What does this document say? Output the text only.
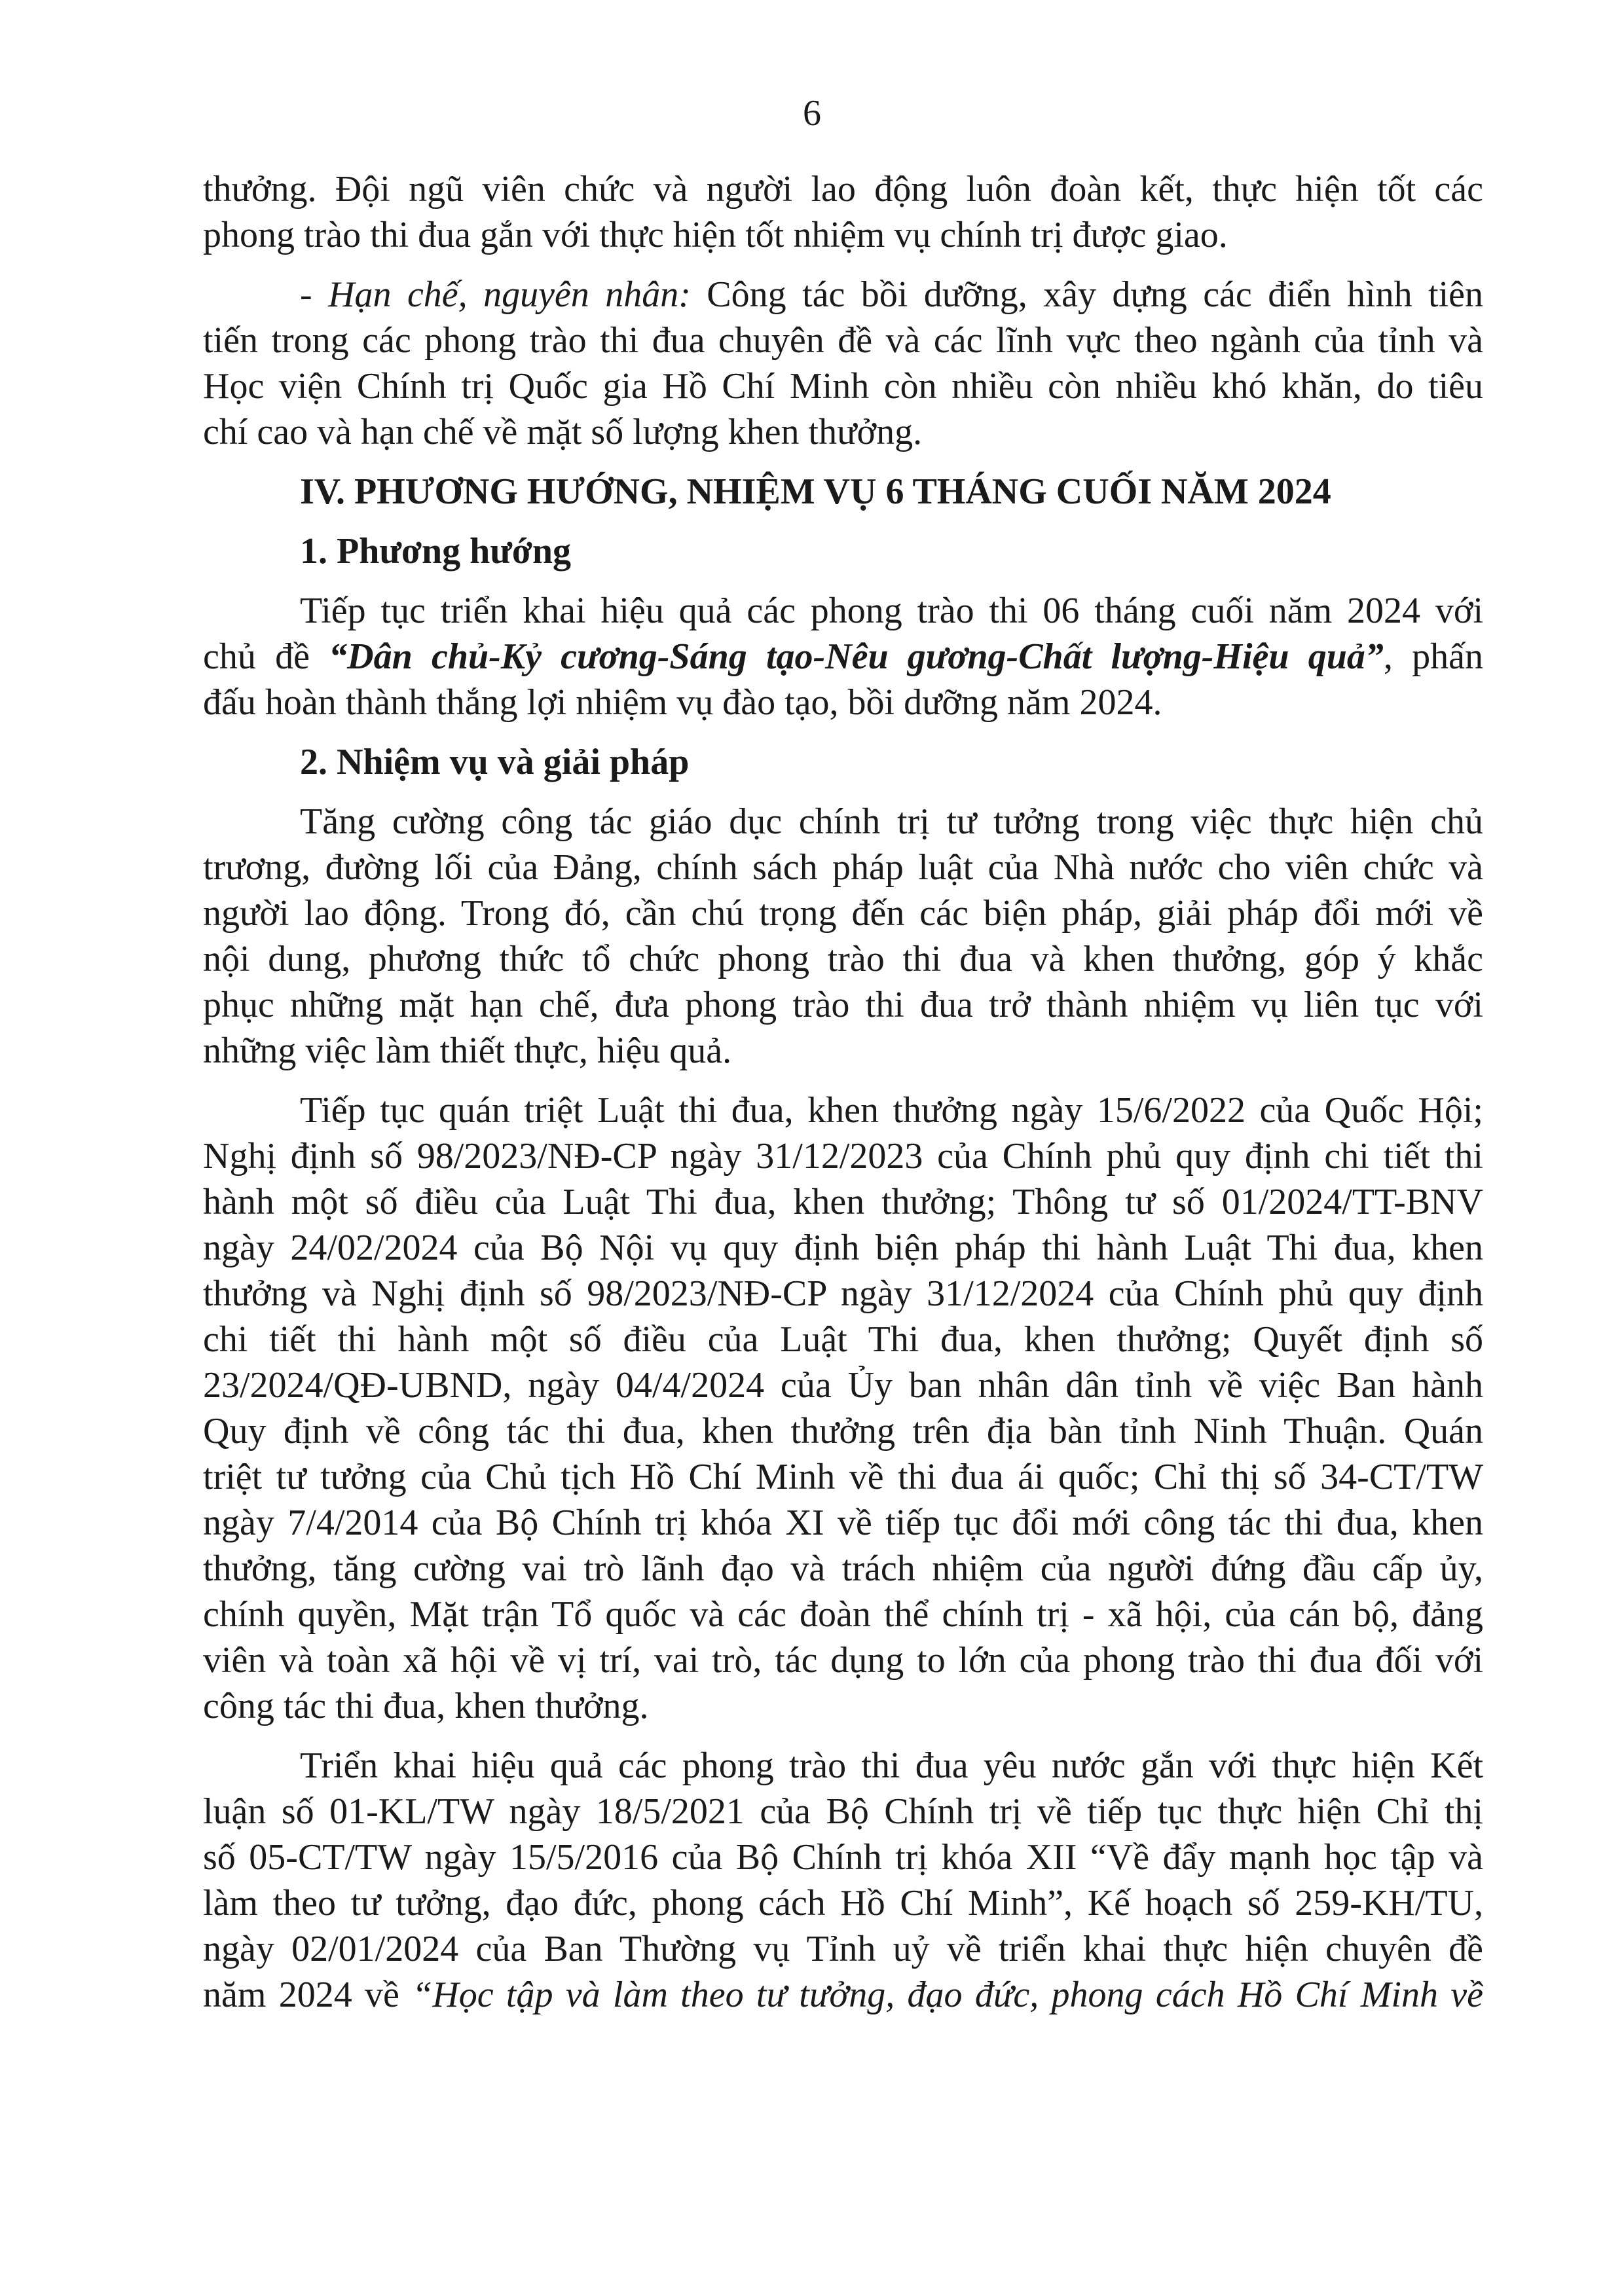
6
thưởng. Đội ngũ viên chức và người lao động luôn đoàn kết, thực hiện tốt các
phong trào thi đua gắn với thực hiện tốt nhiệm vụ chính trị được giao.
- Hạn chế, nguyên nhân: Công tác bồi dưỡng, xây dựng các điển hình tiên
tiến trong các phong trào thi đua chuyên đề và các lĩnh vực theo ngành của tỉnh và
Học viện Chính trị Quốc gia Hồ Chí Minh còn nhiều còn nhiều khó khăn, do tiêu
chí cao và hạn chế về mặt số lượng khen thưởng.
IV. PHƯƠNG HƯỚNG, NHIỆM VỤ 6 THÁNG CUỐI NĂM 2024
1. Phương hướng
Tiếp tục triển khai hiệu quả các phong trào thi 06 tháng cuối năm 2024 với
chủ đề “Dân chủ-Kỷ cương-Sáng tạo-Nêu gương-Chất lượng-Hiệu quả”, phấn
đấu hoàn thành thắng lợi nhiệm vụ đào tạo, bồi dưỡng năm 2024.
2. Nhiệm vụ và giải pháp
Tăng cường công tác giáo dục chính trị tư tưởng trong việc thực hiện chủ
trương, đường lối của Đảng, chính sách pháp luật của Nhà nước cho viên chức và
người lao động. Trong đó, cần chú trọng đến các biện pháp, giải pháp đổi mới về
nội dung, phương thức tổ chức phong trào thi đua và khen thưởng, góp ý khắc
phục những mặt hạn chế, đưa phong trào thi đua trở thành nhiệm vụ liên tục với
những việc làm thiết thực, hiệu quả.
Tiếp tục quán triệt Luật thi đua, khen thưởng ngày 15/6/2022 của Quốc Hội;
Nghị định số 98/2023/NĐ-CP ngày 31/12/2023 của Chính phủ quy định chi tiết thi
hành một số điều của Luật Thi đua, khen thưởng; Thông tư số 01/2024/TT-BNV
ngày 24/02/2024 của Bộ Nội vụ quy định biện pháp thi hành Luật Thi đua, khen
thưởng và Nghị định số 98/2023/NĐ-CP ngày 31/12/2024 của Chính phủ quy định
chi tiết thi hành một số điều của Luật Thi đua, khen thưởng; Quyết định số
23/2024/QĐ-UBND, ngày 04/4/2024 của Ủy ban nhân dân tỉnh về việc Ban hành
Quy định về công tác thi đua, khen thưởng trên địa bàn tỉnh Ninh Thuận. Quán
triệt tư tưởng của Chủ tịch Hồ Chí Minh về thi đua ái quốc; Chỉ thị số 34-CT/TW
ngày 7/4/2014 của Bộ Chính trị khóa XI về tiếp tục đổi mới công tác thi đua, khen
thưởng, tăng cường vai trò lãnh đạo và trách nhiệm của người đứng đầu cấp ủy,
chính quyền, Mặt trận Tổ quốc và các đoàn thể chính trị - xã hội, của cán bộ, đảng
viên và toàn xã hội về vị trí, vai trò, tác dụng to lớn của phong trào thi đua đối với
công tác thi đua, khen thưởng.
Triển khai hiệu quả các phong trào thi đua yêu nước gắn với thực hiện Kết
luận số 01-KL/TW ngày 18/5/2021 của Bộ Chính trị về tiếp tục thực hiện Chỉ thị
số 05-CT/TW ngày 15/5/2016 của Bộ Chính trị khóa XII “Về đẩy mạnh học tập và
làm theo tư tưởng, đạo đức, phong cách Hồ Chí Minh”, Kế hoạch số 259-KH/TU,
ngày 02/01/2024 của Ban Thường vụ Tỉnh uỷ về triển khai thực hiện chuyên đề
năm 2024 về “Học tập và làm theo tư tưởng, đạo đức, phong cách Hồ Chí Minh về
